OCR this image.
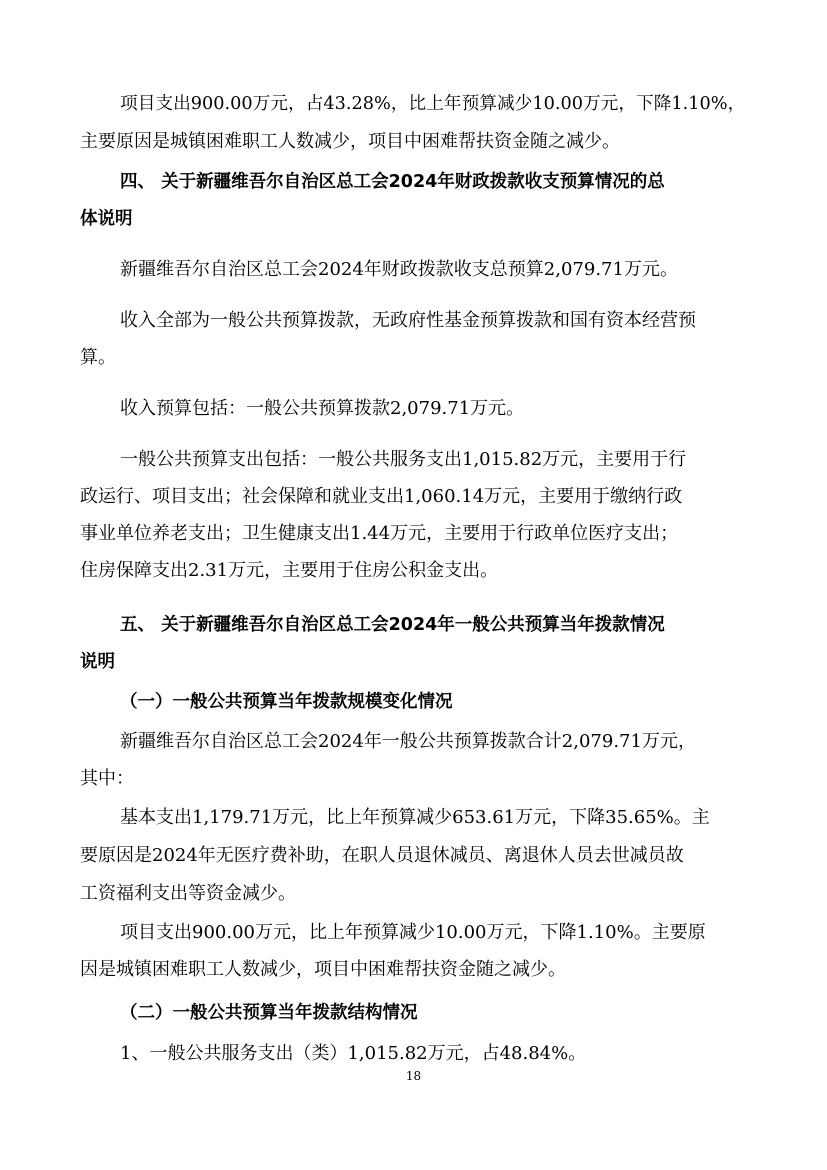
项目支出900.00万元，占43.28%，比上年预算减少10.00万元，下降1.10%，
主要原因是城镇困难职工人数减少，项目中困难帮扶资金随之减少。
四、 关于新疆维吾尔自治区总工会2024年财政拨款收支预算情况的总
体说明
新疆维吾尔自治区总工会2024年财政拨款收支总预算2,079.71万元。
收入全部为一般公共预算拨款，无政府性基金预算拨款和国有资本经营预
算。
收入预算包括：一般公共预算拨款2,079.71万元。
一般公共预算支出包括：一般公共服务支出1,015.82万元，主要用于行
政运行、项目支出；社会保障和就业支出1,060.14万元，主要用于缴纳行政
事业单位养老支出；卫生健康支出1.44万元，主要用于行政单位医疗支出；
住房保障支出2.31万元，主要用于住房公积金支出。
五、 关于新疆维吾尔自治区总工会2024年一般公共预算当年拨款情况
说明
（一）一般公共预算当年拨款规模变化情况
新疆维吾尔自治区总工会2024年一般公共预算拨款合计2,079.71万元，
其中：
基本支出1,179.71万元，比上年预算减少653.61万元，下降35.65%。主
要原因是2024年无医疗费补助，在职人员退休减员、离退休人员去世减员故
工资福利支出等资金减少。
项目支出900.00万元，比上年预算减少10.00万元，下降1.10%。主要原
因是城镇困难职工人数减少，项目中困难帮扶资金随之减少。
（二）一般公共预算当年拨款结构情况
1、一般公共服务支出（类）1,015.82万元，占48.84%。
18
